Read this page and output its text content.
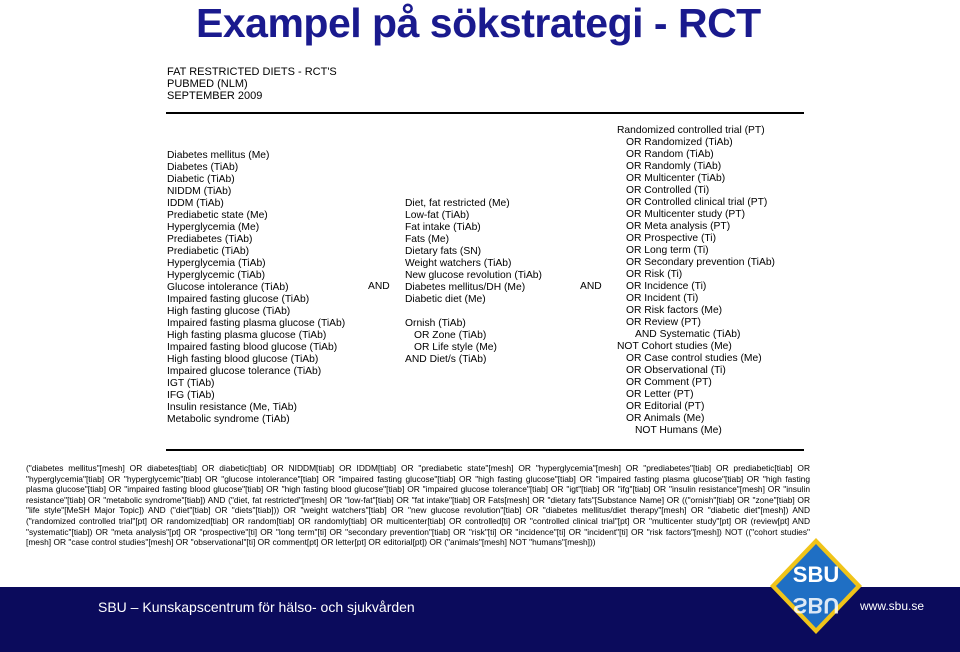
Exampel på sökstrategi - RCT
FAT RESTRICTED DIETS - RCT'S
PUBMED (NLM)
SEPTEMBER 2009
Diabetes mellitus (Me)
Diabetes (TiAb)
Diabetic (TiAb)
NIDDM (TiAb)
IDDM (TiAb)
Prediabetic state (Me)
Hyperglycemia (Me)
Prediabetes (TiAb)
Prediabetic (TiAb)
Hyperglycemia (TiAb)
Hyperglycemic (TiAb)
Glucose intolerance (TiAb)
Impaired fasting glucose (TiAb)
High fasting glucose (TiAb)
Impaired fasting plasma glucose (TiAb)
High fasting plasma glucose (TiAb)
Impaired fasting blood glucose (TiAb)
High fasting blood glucose (TiAb)
Impaired glucose tolerance (TiAb)
IGT (TiAb)
IFG (TiAb)
Insulin resistance (Me, TiAb)
Metabolic syndrome (TiAb)
AND
Diet, fat restricted (Me)
Low-fat (TiAb)
Fat intake (TiAb)
Fats (Me)
Dietary fats (SN)
Weight watchers (TiAb)
New glucose revolution (TiAb)
Diabetes mellitus/DH (Me)
Diabetic diet (Me)
Ornish (TiAb)
OR Zone (TiAb)
OR Life style (Me)
AND Diet/s (TiAb)
AND
Randomized controlled trial (PT)
OR Randomized (TiAb)
OR Random (TiAb)
OR Randomly (TiAb)
OR Multicenter (TiAb)
OR Controlled (Ti)
OR Controlled clinical trial (PT)
OR Multicenter study (PT)
OR Meta analysis (PT)
OR Prospective (Ti)
OR Long term (Ti)
OR Secondary prevention (TiAb)
OR Risk (Ti)
OR Incidence (Ti)
OR Incident (Ti)
OR Risk factors (Me)
OR Review (PT)
AND Systematic (TiAb)
NOT Cohort studies (Me)
OR Case control studies (Me)
OR Observational (Ti)
OR Comment (PT)
OR Letter (PT)
OR Editorial (PT)
OR Animals (Me)
NOT Humans (Me)
("diabetes mellitus"[mesh] OR diabetes[tiab] OR diabetic[tiab] OR NIDDM[tiab] OR IDDM[tiab] OR "prediabetic state"[mesh] OR "hyperglycemia"[mesh] OR "prediabetes"[tiab] OR prediabetic[tiab] OR "hyperglycemia"[tiab] OR "hyperglycemic"[tiab] OR "glucose intolerance"[tiab] OR "impaired fasting glucose"[tiab] OR "high fasting glucose"[tiab] OR "impaired fasting plasma glucose"[tiab] OR "high fasting plasma glucose"[tiab] OR "impaired fasting blood glucose"[tiab] OR "high fasting blood glucose"[tiab] OR "impaired glucose tolerance"[tiab] OR "igt"[tiab] OR "ifg"[tiab] OR "insulin resistance"[mesh] OR "insulin resistance"[tiab] OR "metabolic syndrome"[tiab]) AND ("diet, fat restricted"[mesh] OR "low-fat"[tiab] OR "fat intake"[tiab] OR Fats[mesh] OR "dietary fats"[Substance Name] OR (("ornish"[tiab] OR "zone"[tiab] OR "life style"[MeSH Major Topic]) AND ("diet"[tiab] OR "diets"[tiab])) OR "weight watchers"[tiab] OR "new glucose revolution"[tiab] OR "diabetes mellitus/diet therapy"[mesh] OR "diabetic diet"[mesh]) AND ("randomized controlled trial"[pt] OR randomized[tiab] OR random[tiab] OR randomly[tiab] OR multicenter[tiab] OR controlled[ti] OR "controlled clinical trial"[pt] OR "multicenter study"[pt] OR (review[pt] AND "systematic"[tiab]) OR "meta analysis"[pt] OR "prospective"[ti] OR "long term"[ti] OR "secondary prevention"[tiab] OR "risk"[ti] OR "incidence"[ti] OR "incident"[ti] OR "risk factors"[mesh]) NOT (("cohort studies"[mesh] OR "case control studies"[mesh] OR "observational"[ti] OR comment[pt] OR letter[pt] OR editorial[pt]) OR ("animals"[mesh] NOT "humans"[mesh]))
SBU – Kunskapscentrum för hälso- och sjukvården	www.sbu.se
SBU
SBU
